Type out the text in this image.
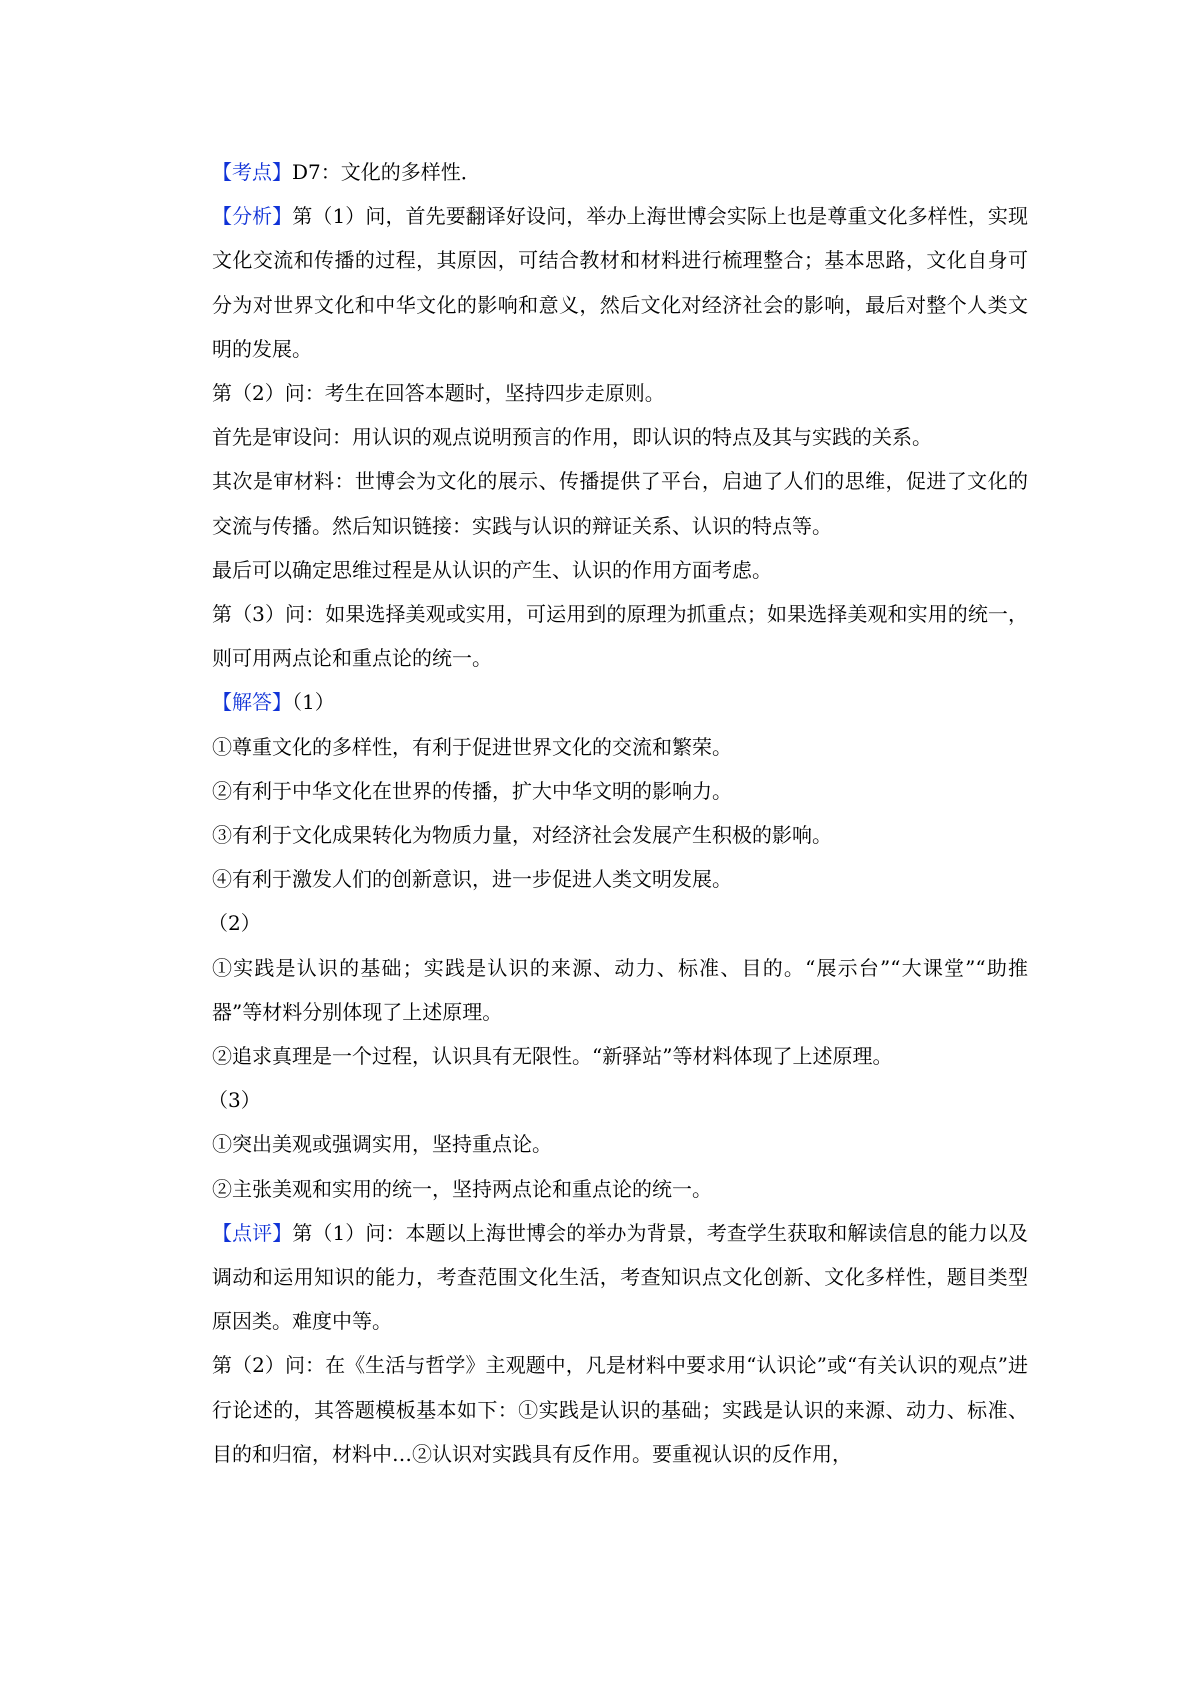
【考点】D7：文化的多样性．

【分析】第（1）问，首先要翻译好设问，举办上海世博会实际上也是尊重文化多样性，实现文化交流和传播的过程，其原因，可结合教材和材料进行梳理整合；基本思路，文化自身可分为对世界文化和中华文化的影响和意义，然后文化对经济社会的影响，最后对整个人类文明的发展。

第（2）问：考生在回答本题时，坚持四步走原则。

首先是审设问：用认识的观点说明预言的作用，即认识的特点及其与实践的关系。

其次是审材料：世博会为文化的展示、传播提供了平台，启迪了人们的思维，促进了文化的交流与传播。然后知识链接：实践与认识的辩证关系、认识的特点等。

最后可以确定思维过程是从认识的产生、认识的作用方面考虑。

第（3）问：如果选择美观或实用，可运用到的原理为抓重点；如果选择美观和实用的统一，则可用两点论和重点论的统一。

【解答】（1）

①尊重文化的多样性，有利于促进世界文化的交流和繁荣。

②有利于中华文化在世界的传播，扩大中华文明的影响力。

③有利于文化成果转化为物质力量，对经济社会发展产生积极的影响。

④有利于激发人们的创新意识，进一步促进人类文明发展。

（2）

①实践是认识的基础；实践是认识的来源、动力、标准、目的。“展示台”“大课堂”“助推器”等材料分别体现了上述原理。

②追求真理是一个过程，认识具有无限性。“新驿站”等材料体现了上述原理。

（3）

①突出美观或强调实用，坚持重点论。

②主张美观和实用的统一，坚持两点论和重点论的统一。

【点评】第（1）问：本题以上海世博会的举办为背景，考查学生获取和解读信息的能力以及调动和运用知识的能力，考查范围文化生活，考查知识点文化创新、文化多样性，题目类型原因类。难度中等。

第（2）问：在《生活与哲学》主观题中，凡是材料中要求用“认识论”或“有关认识的观点”进行论述的，其答题模板基本如下：①实践是认识的基础；实践是认识的来源、动力、标准、目的和归宿，材料中…②认识对实践具有反作用。要重视认识的反作用，
